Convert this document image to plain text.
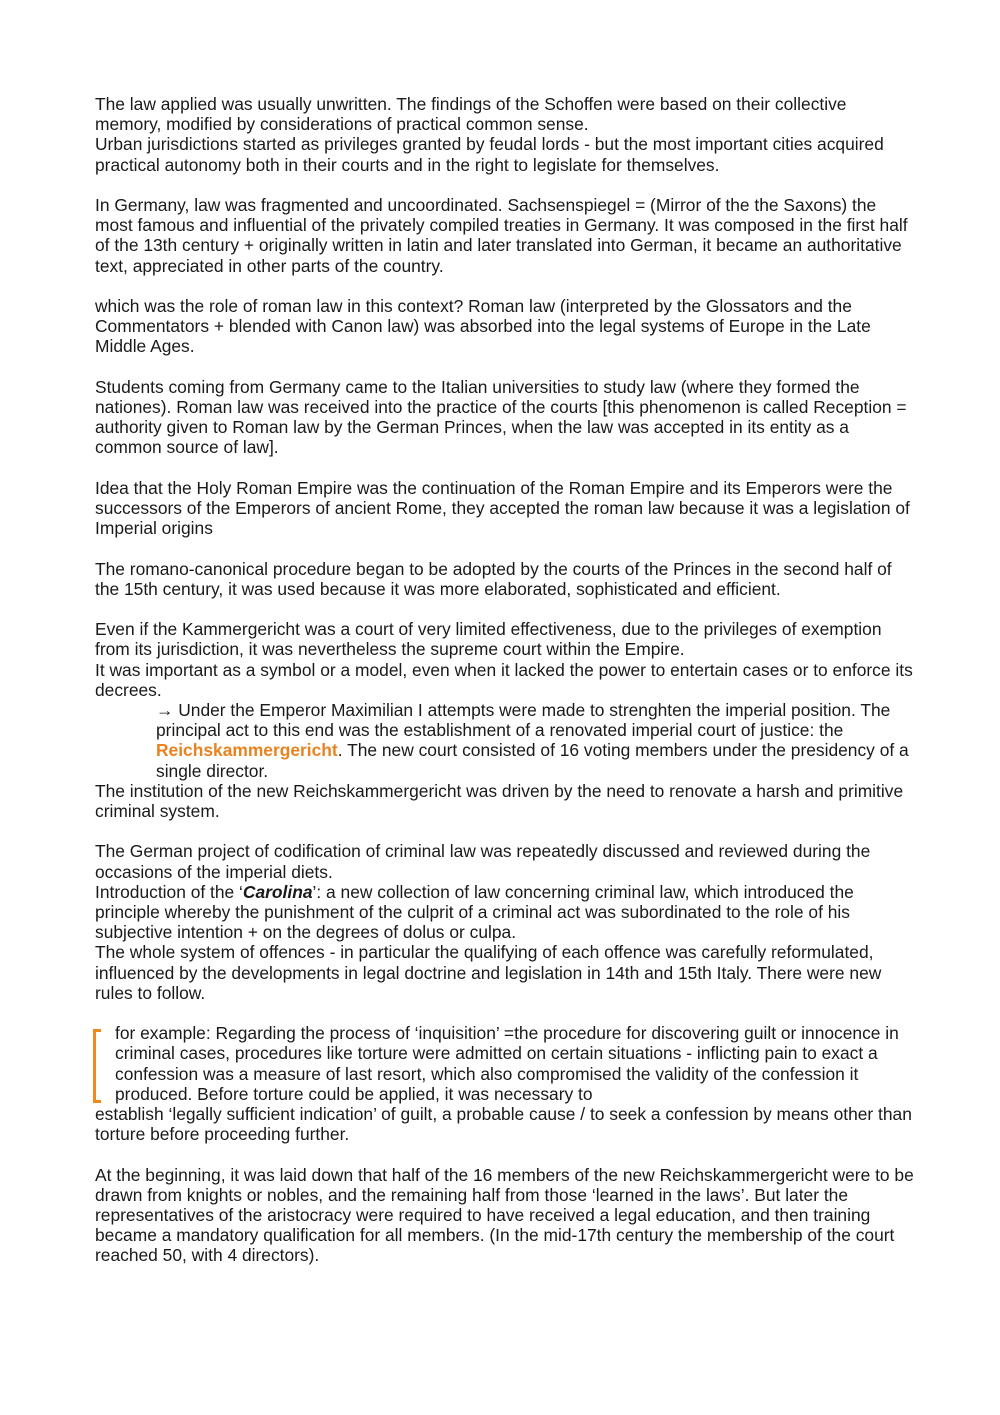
The law applied was usually unwritten. The findings of the Schoffen were based on their collective memory, modified by considerations of practical common sense.

Urban jurisdictions started as privileges granted by feudal lords - but the most important cities acquired practical autonomy both in their courts and in the right to legislate for themselves.

In Germany, law was fragmented and uncoordinated. Sachsenspiegel = (Mirror of the the Saxons) the most famous and influential of the privately compiled treaties in Germany. It was composed in the first half of the 13th century + originally written in latin and later translated into German, it became an authoritative text, appreciated in other parts of the country.

which was the role of roman law in this context? Roman law (interpreted by the Glossators and the Commentators + blended with Canon law) was absorbed into the legal systems of Europe in the Late Middle Ages.

Students coming from Germany came to the Italian universities to study law (where they formed the nationes). Roman law was received into the practice of the courts [this phenomenon is called Reception = authority given to Roman law by the German Princes, when the law was accepted in its entity as a common source of law].

Idea that the Holy Roman Empire was the continuation of the Roman Empire and its Emperors were the successors of the Emperors of ancient Rome, they accepted the roman law because it was a legislation of Imperial origins

The romano-canonical procedure began to be adopted by the courts of the Princes in the second half of the 15th century, it was used because it was more elaborated, sophisticated and efficient.

Even if the Kammergericht was a court of very limited effectiveness, due to the privileges of exemption from its jurisdiction, it was nevertheless the supreme court within the Empire.

It was important as a symbol or a model, even when it lacked the power to entertain cases or to enforce its decrees.

→ Under the Emperor Maximilian I attempts were made to strenghten the imperial position. The principal act to this end was the establishment of a renovated imperial court of justice: the Reichskammergericht. The new court consisted of 16 voting members under the presidency of a single director.

The institution of the new Reichskammergericht was driven by the need to renovate a harsh and primitive criminal system.

The German project of codification of criminal law was repeatedly discussed and reviewed during the occasions of the imperial diets.

Introduction of the ‘Carolina’: a new collection of law concerning criminal law, which introduced the principle whereby the punishment of the culprit of a criminal act was subordinated to the role of his subjective intention + on the degrees of dolus or culpa.

The whole system of offences - in particular the qualifying of each offence was carefully reformulated, influenced by the developments in legal doctrine and legislation in 14th and 15th Italy. There were new rules to follow.

for example: Regarding the process of ‘inquisition’ =the procedure for discovering guilt or innocence in criminal cases, procedures like torture were admitted on certain situations - inflicting pain to exact a confession was a measure of last resort, which also compromised the validity of the confession it produced. Before torture could be applied, it was necessary to

establish ‘legally sufficient indication’ of guilt, a probable cause / to seek a confession by means other than torture before proceeding further.

At the beginning, it was laid down that half of the 16 members of the new Reichskammergericht were to be drawn from knights or nobles, and the remaining half from those ‘learned in the laws’. But later the representatives of the aristocracy were required to have received a legal education, and then training became a mandatory qualification for all members. (In the mid-17th century the membership of the court reached 50, with 4 directors).
